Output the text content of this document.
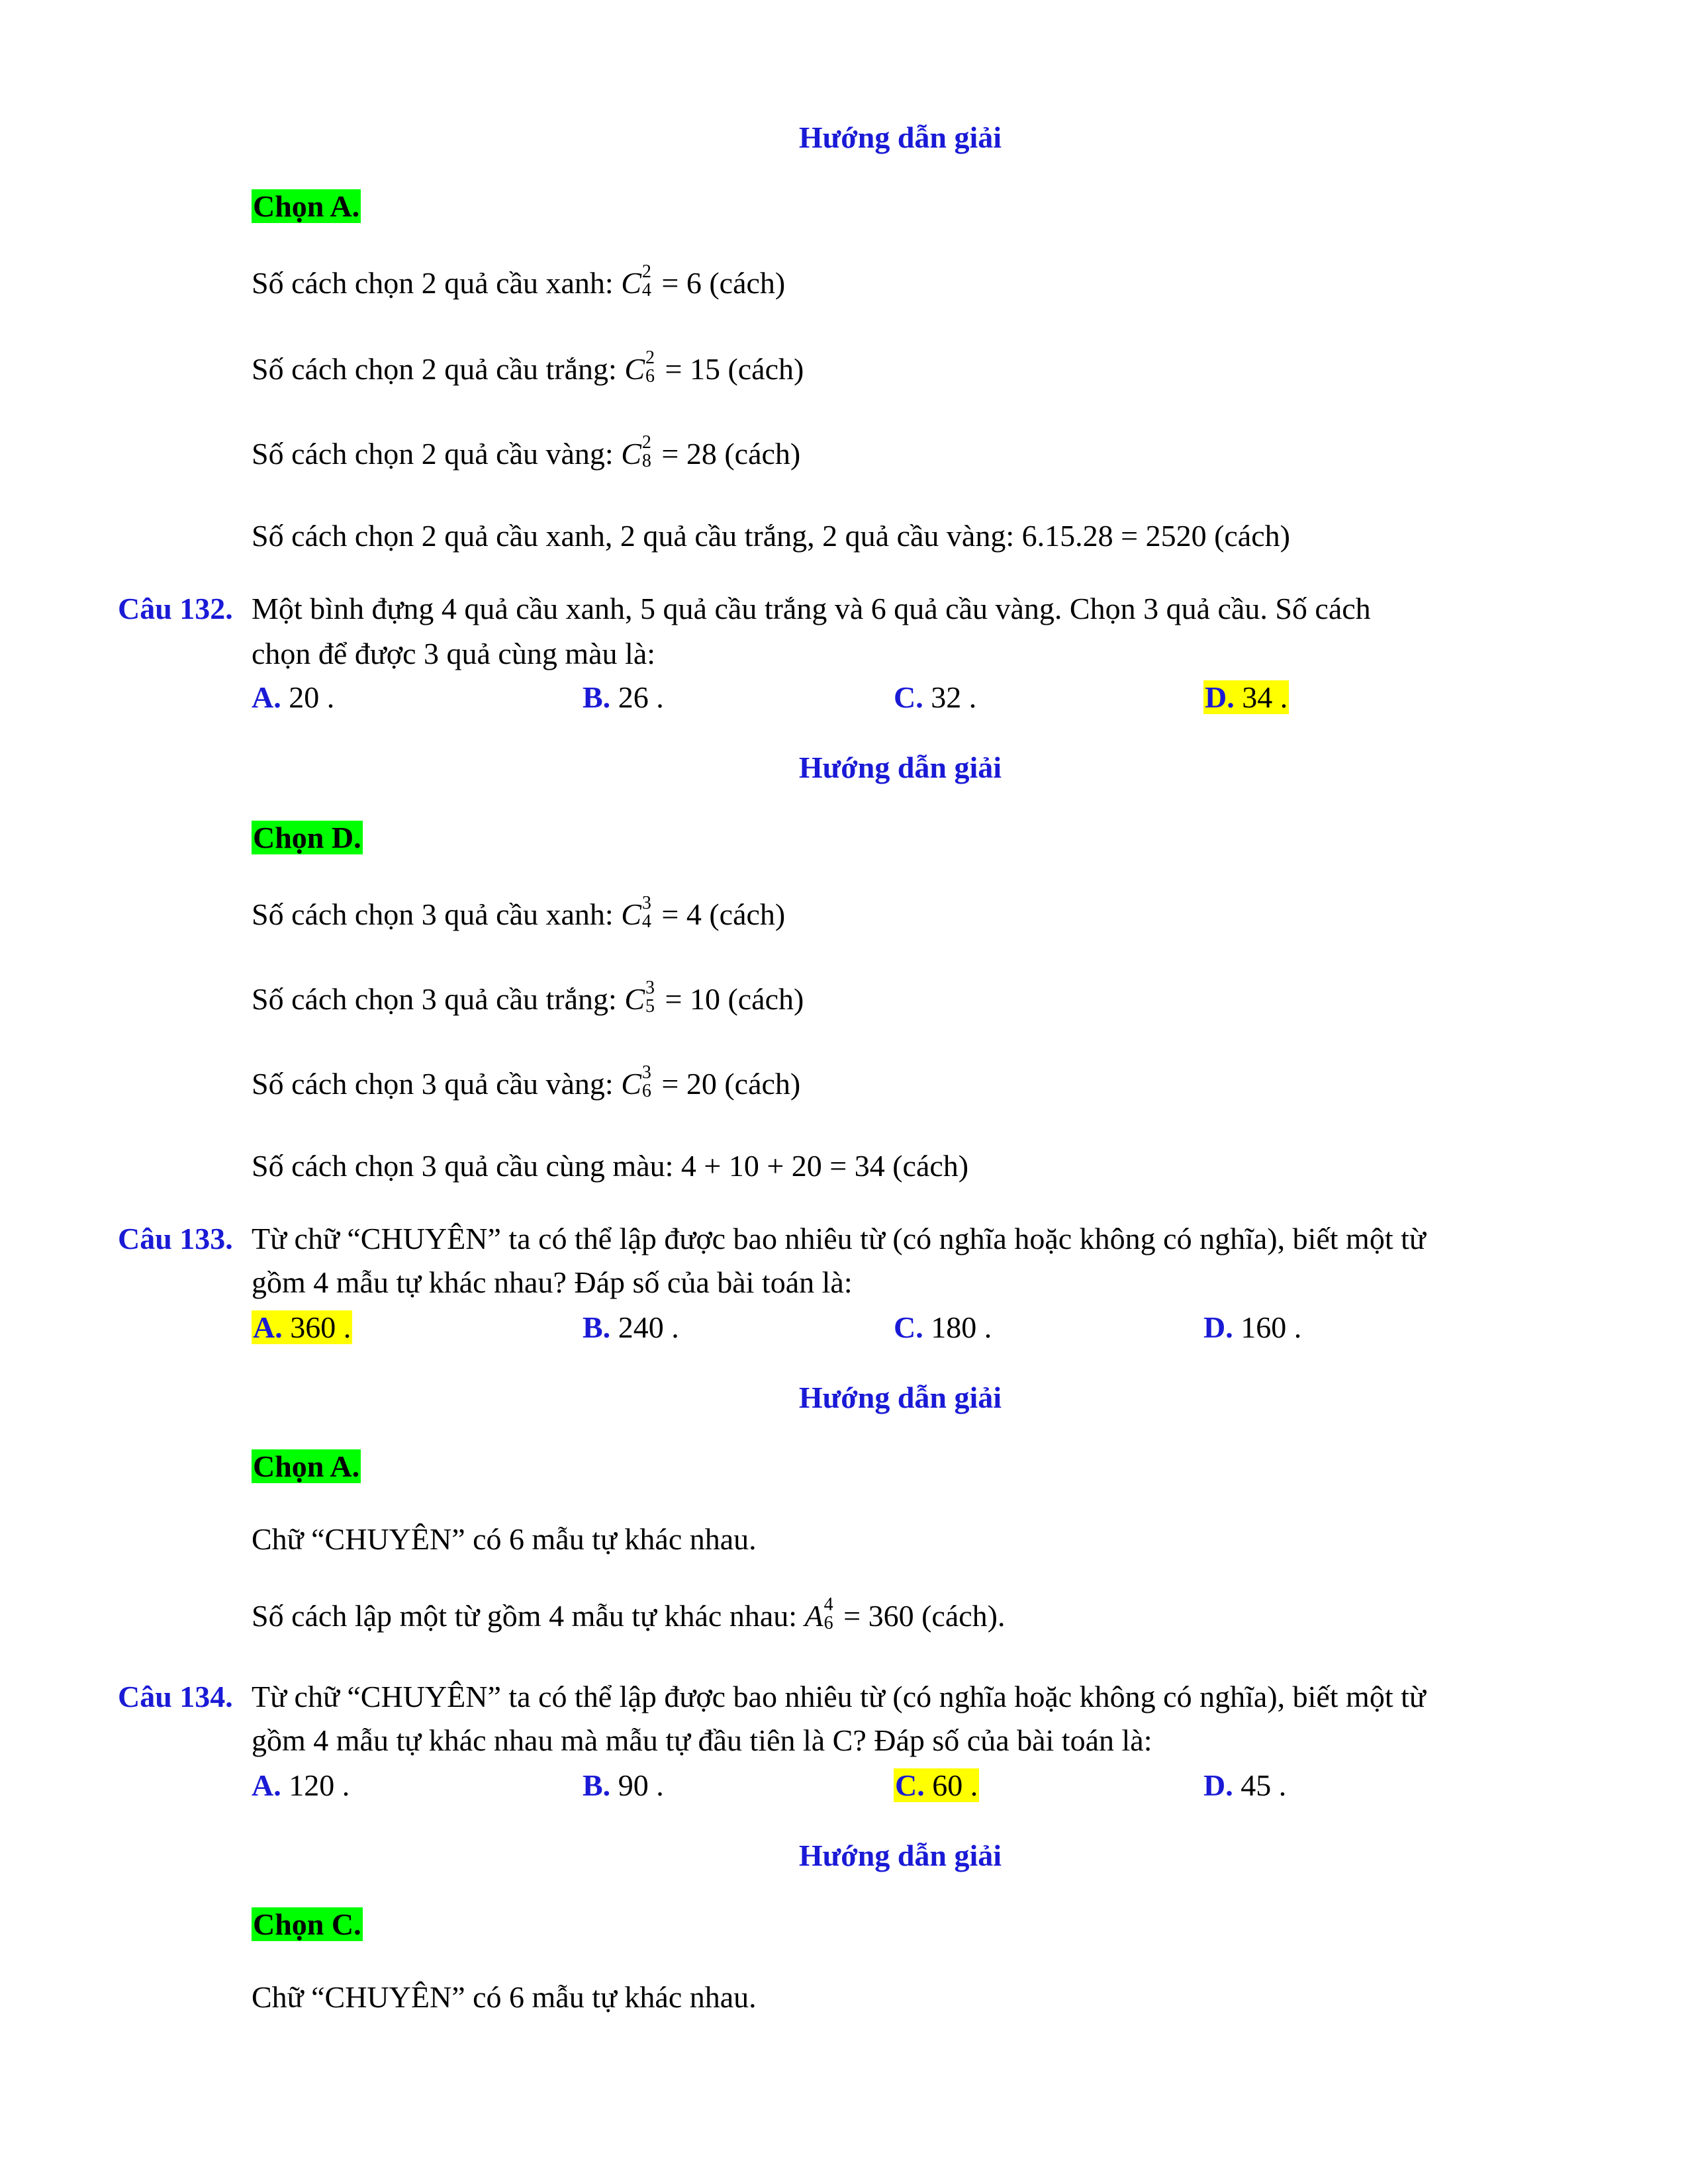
Hướng dẫn giải
Chọn A.
Số cách chọn 2 quả cầu xanh: C 2
4 = 6 (cách)
Số cách chọn 2 quả cầu trắng: C 2
6 = 15 (cách)
Số cách chọn 2 quả cầu vàng: C 2
8 = 28 (cách)
Số cách chọn 2 quả cầu xanh, 2 quả cầu trắng, 2 quả cầu vàng: 6.15.28 = 2520 (cách)
Câu 132. Một bình đựng 4 quả cầu xanh, 5 quả cầu trắng và 6 quả cầu vàng. Chọn 3 quả cầu. Số cách
chọn để được 3 quả cùng màu là:
A. 20 .	B. 26 .	C. 32 .	D. 34 .
Hướng dẫn giải
Chọn D.
Số cách chọn 3 quả cầu xanh: C 3
4 = 4 (cách)
Số cách chọn 3 quả cầu trắng: C 3
5 = 10 (cách)
Số cách chọn 3 quả cầu vàng: C 3
6 = 20 (cách)
Số cách chọn 3 quả cầu cùng màu: 4 + 10 + 20 = 34 (cách)
Câu 133. Từ chữ “CHUYÊN” ta có thể lập được bao nhiêu từ (có nghĩa hoặc không có nghĩa), biết một từ
gồm 4 mẫu tự khác nhau? Đáp số của bài toán là:
A. 360 .	B. 240 .	C. 180 .	D. 160 .
Hướng dẫn giải
Chọn A.
Chữ “CHUYÊN” có 6 mẫu tự khác nhau.
Số cách lập một từ gồm 4 mẫu tự khác nhau: A 4
6 = 360 (cách).
Câu 134. Từ chữ “CHUYÊN” ta có thể lập được bao nhiêu từ (có nghĩa hoặc không có nghĩa), biết một từ
gồm 4 mẫu tự khác nhau mà mẫu tự đầu tiên là C? Đáp số của bài toán là:
A. 120 .	B. 90 .	C. 60 .	D. 45 .
Hướng dẫn giải
Chọn C.
Chữ “CHUYÊN” có 6 mẫu tự khác nhau.
